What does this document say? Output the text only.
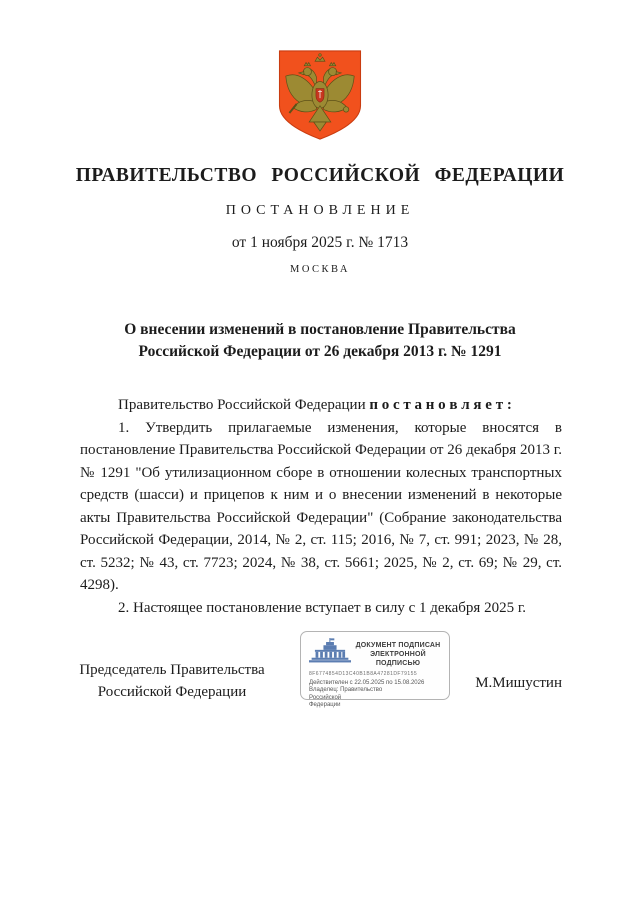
ПРАВИТЕЛЬСТВО РОССИЙСКОЙ ФЕДЕРАЦИИ
ПОСТАНОВЛЕНИЕ
от 1 ноября 2025 г. № 1713
МОСКВА
О внесении изменений в постановление Правительства
Российской Федерации от 26 декабря 2013 г. № 1291

Правительство Российской Федерации п о с т а н о в л я е т :

1. Утвердить прилагаемые изменения, которые вносятся в постановление Правительства Российской Федерации от 26 декабря 2013 г. № 1291 "Об утилизационном сборе в отношении колесных транспортных средств (шасси) и прицепов к ним и о внесении изменений в некоторые акты Правительства Российской Федерации" (Собрание законодательства Российской Федерации, 2014, № 2, ст. 115; 2016, № 7, ст. 991; 2023, № 28, ст. 5232; № 43, ст. 7723; 2024, № 38, ст. 5661; 2025, № 2, ст. 69; № 29, ст. 4298).

2. Настоящее постановление вступает в силу с 1 декабря 2025 г.

Председатель Правительства
Российской Федерации
ДОКУМЕНТ ПОДПИСАН
ЭЛЕКТРОННОЙ ПОДПИСЬЮ
8F6774854D13C40B1B8A47281DF79155
Действителен с 22.05.2025 по 15.08.2026
Владелец: Правительство Российской
Федерации
М.Мишустин
